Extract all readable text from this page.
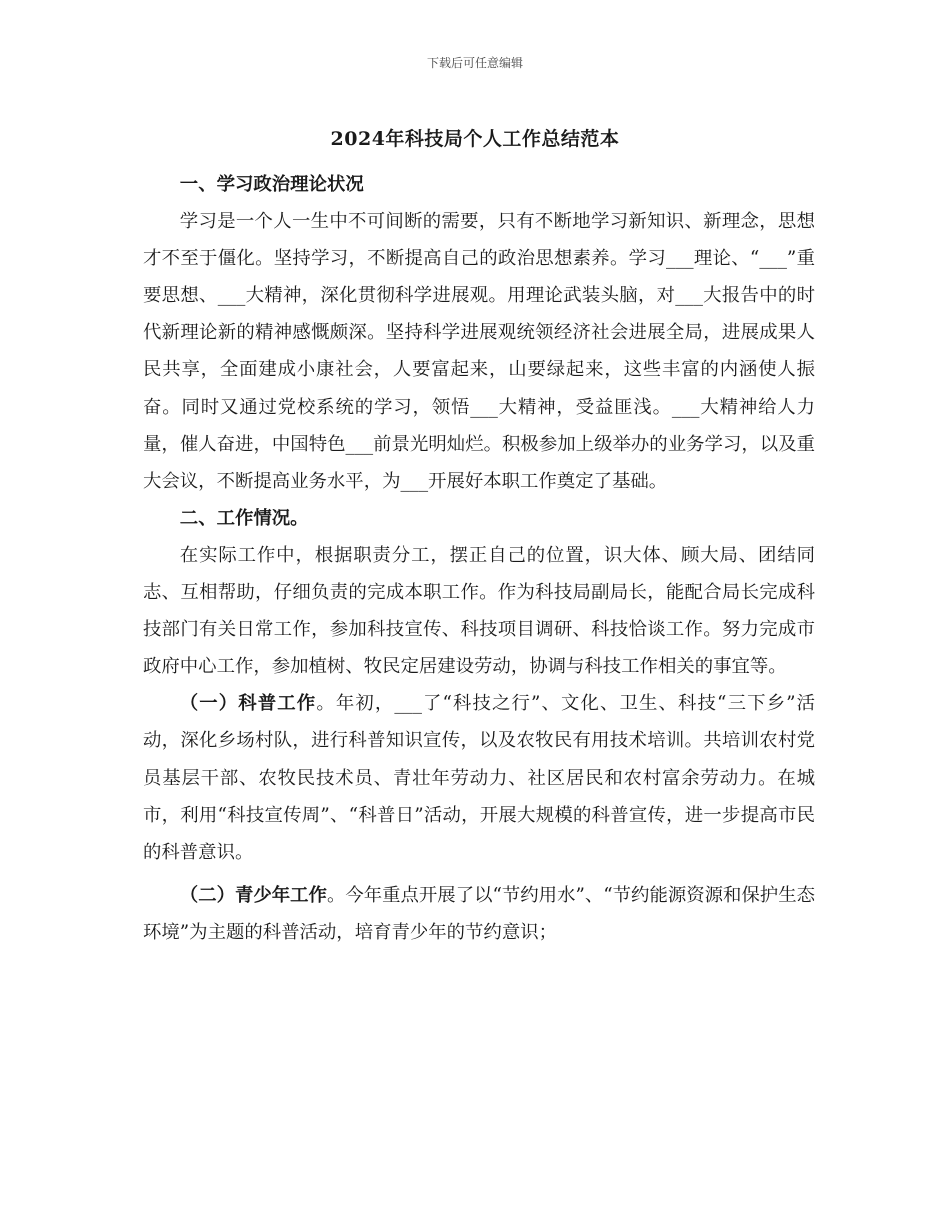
下载后可任意编辑
2024年科技局个人工作总结范本

一、学习政治理论状况

学习是一个人一生中不可间断的需要，只有不断地学习新知识、新理念，思想才不至于僵化。坚持学习，不断提高自己的政治思想素养。学习___理论、“___”重要思想、___大精神，深化贯彻科学进展观。用理论武装头脑，对___大报告中的时代新理论新的精神感慨颇深。坚持科学进展观统领经济社会进展全局，进展成果人民共享，全面建成小康社会，人要富起来，山要绿起来，这些丰富的内涵使人振奋。同时又通过党校系统的学习，领悟___大精神，受益匪浅。___大精神给人力量，催人奋进，中国特色___前景光明灿烂。积极参加上级举办的业务学习，以及重大会议，不断提高业务水平，为___开展好本职工作奠定了基础。

二、工作情况。

在实际工作中，根据职责分工，摆正自己的位置，识大体、顾大局、团结同志、互相帮助，仔细负责的完成本职工作。作为科技局副局长，能配合局长完成科技部门有关日常工作，参加科技宣传、科技项目调研、科技恰谈工作。努力完成市政府中心工作，参加植树、牧民定居建设劳动，协调与科技工作相关的事宜等。

（一）科普工作。年初，___了“科技之行”、文化、卫生、科技“三下乡”活动，深化乡场村队，进行科普知识宣传，以及农牧民有用技术培训。共培训农村党员基层干部、农牧民技术员、青壮年劳动力、社区居民和农村富余劳动力。在城市，利用“科技宣传周”、“科普日”活动，开展大规模的科普宣传，进一步提高市民的科普意识。

（二）青少年工作。今年重点开展了以“节约用水”、“节约能源资源和保护生态环境”为主题的科普活动，培育青少年的节约意识；
